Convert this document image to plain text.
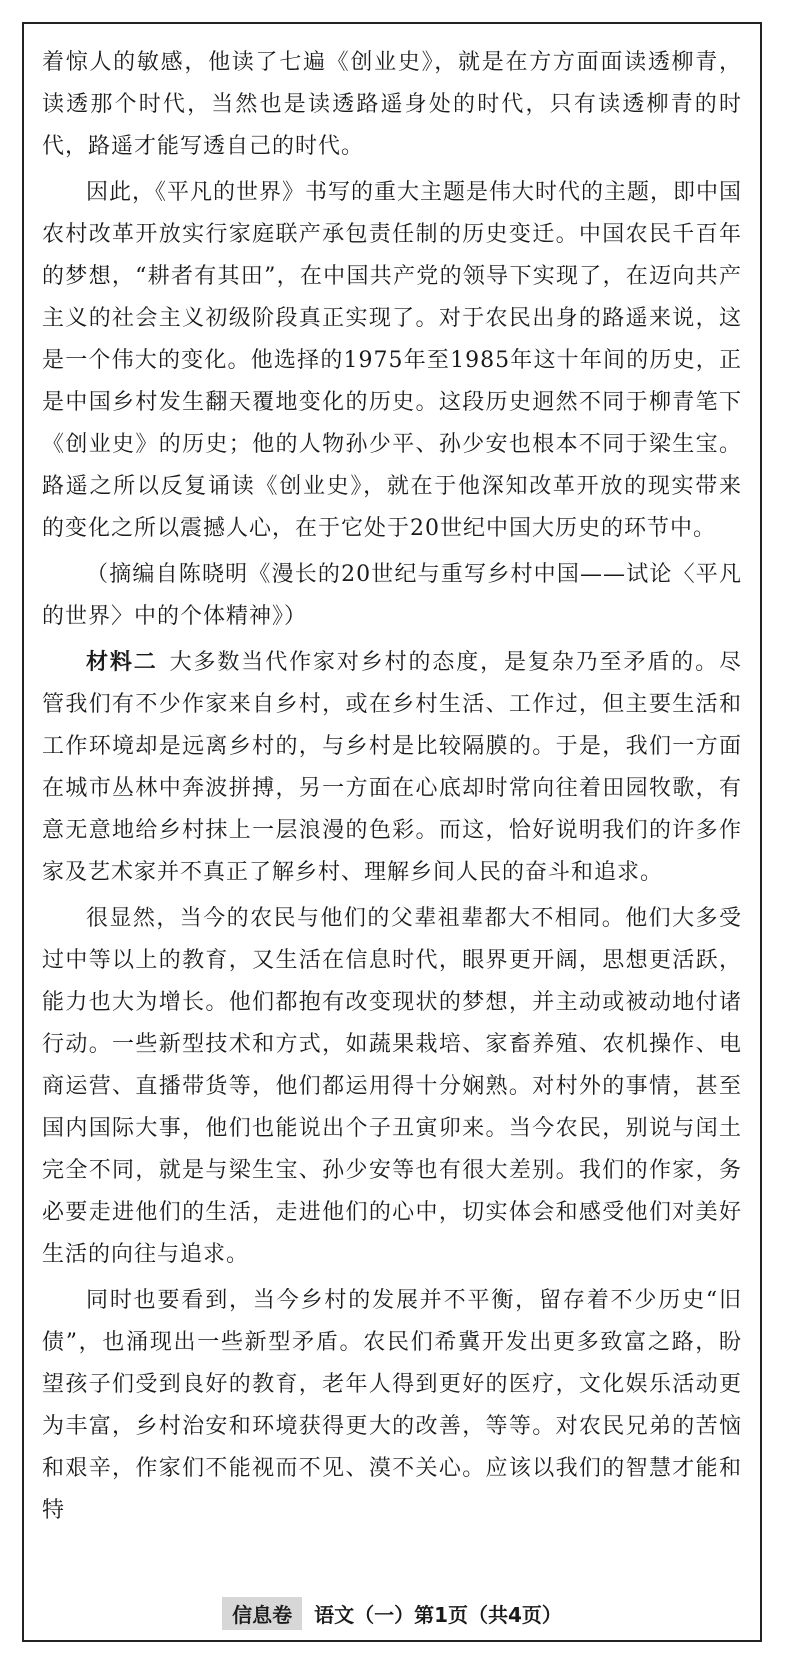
着惊人的敏感，他读了七遍《创业史》，就是在方方面面读透柳青，读透那个时代，当然也是读透路遥身处的时代，只有读透柳青的时代，路遥才能写透自己的时代。

因此，《平凡的世界》书写的重大主题是伟大时代的主题，即中国农村改革开放实行家庭联产承包责任制的历史变迁。中国农民千百年的梦想，“耕者有其田”，在中国共产党的领导下实现了，在迈向共产主义的社会主义初级阶段真正实现了。对于农民出身的路遥来说，这是一个伟大的变化。他选择的1975年至1985年这十年间的历史，正是中国乡村发生翻天覆地变化的历史。这段历史迥然不同于柳青笔下《创业史》的历史；他的人物孙少平、孙少安也根本不同于梁生宝。路遥之所以反复诵读《创业史》，就在于他深知改革开放的现实带来的变化之所以震撼人心，在于它处于20世纪中国大历史的环节中。

（摘编自陈晓明《漫长的20世纪与重写乡村中国——试论〈平凡的世界〉中的个体精神》）

材料二 大多数当代作家对乡村的态度，是复杂乃至矛盾的。尽管我们有不少作家来自乡村，或在乡村生活、工作过，但主要生活和工作环境却是远离乡村的，与乡村是比较隔膜的。于是，我们一方面在城市丛林中奔波拼搏，另一方面在心底却时常向往着田园牧歌，有意无意地给乡村抹上一层浪漫的色彩。而这，恰好说明我们的许多作家及艺术家并不真正了解乡村、理解乡间人民的奋斗和追求。

很显然，当今的农民与他们的父辈祖辈都大不相同。他们大多受过中等以上的教育，又生活在信息时代，眼界更开阔，思想更活跃，能力也大为增长。他们都抱有改变现状的梦想，并主动或被动地付诸行动。一些新型技术和方式，如蔬果栽培、家畜养殖、农机操作、电商运营、直播带货等，他们都运用得十分娴熟。对村外的事情，甚至国内国际大事，他们也能说出个子丑寅卯来。当今农民，别说与闰土完全不同，就是与梁生宝、孙少安等也有很大差别。我们的作家，务必要走进他们的生活，走进他们的心中，切实体会和感受他们对美好生活的向往与追求。

同时也要看到，当今乡村的发展并不平衡，留存着不少历史“旧债”，也涌现出一些新型矛盾。农民们希冀开发出更多致富之路，盼望孩子们受到良好的教育，老年人得到更好的医疗，文化娱乐活动更为丰富，乡村治安和环境获得更大的改善，等等。对农民兄弟的苦恼和艰辛，作家们不能视而不见、漠不关心。应该以我们的智慧才能和特

信息卷 语文（一）第1页（共4页）
